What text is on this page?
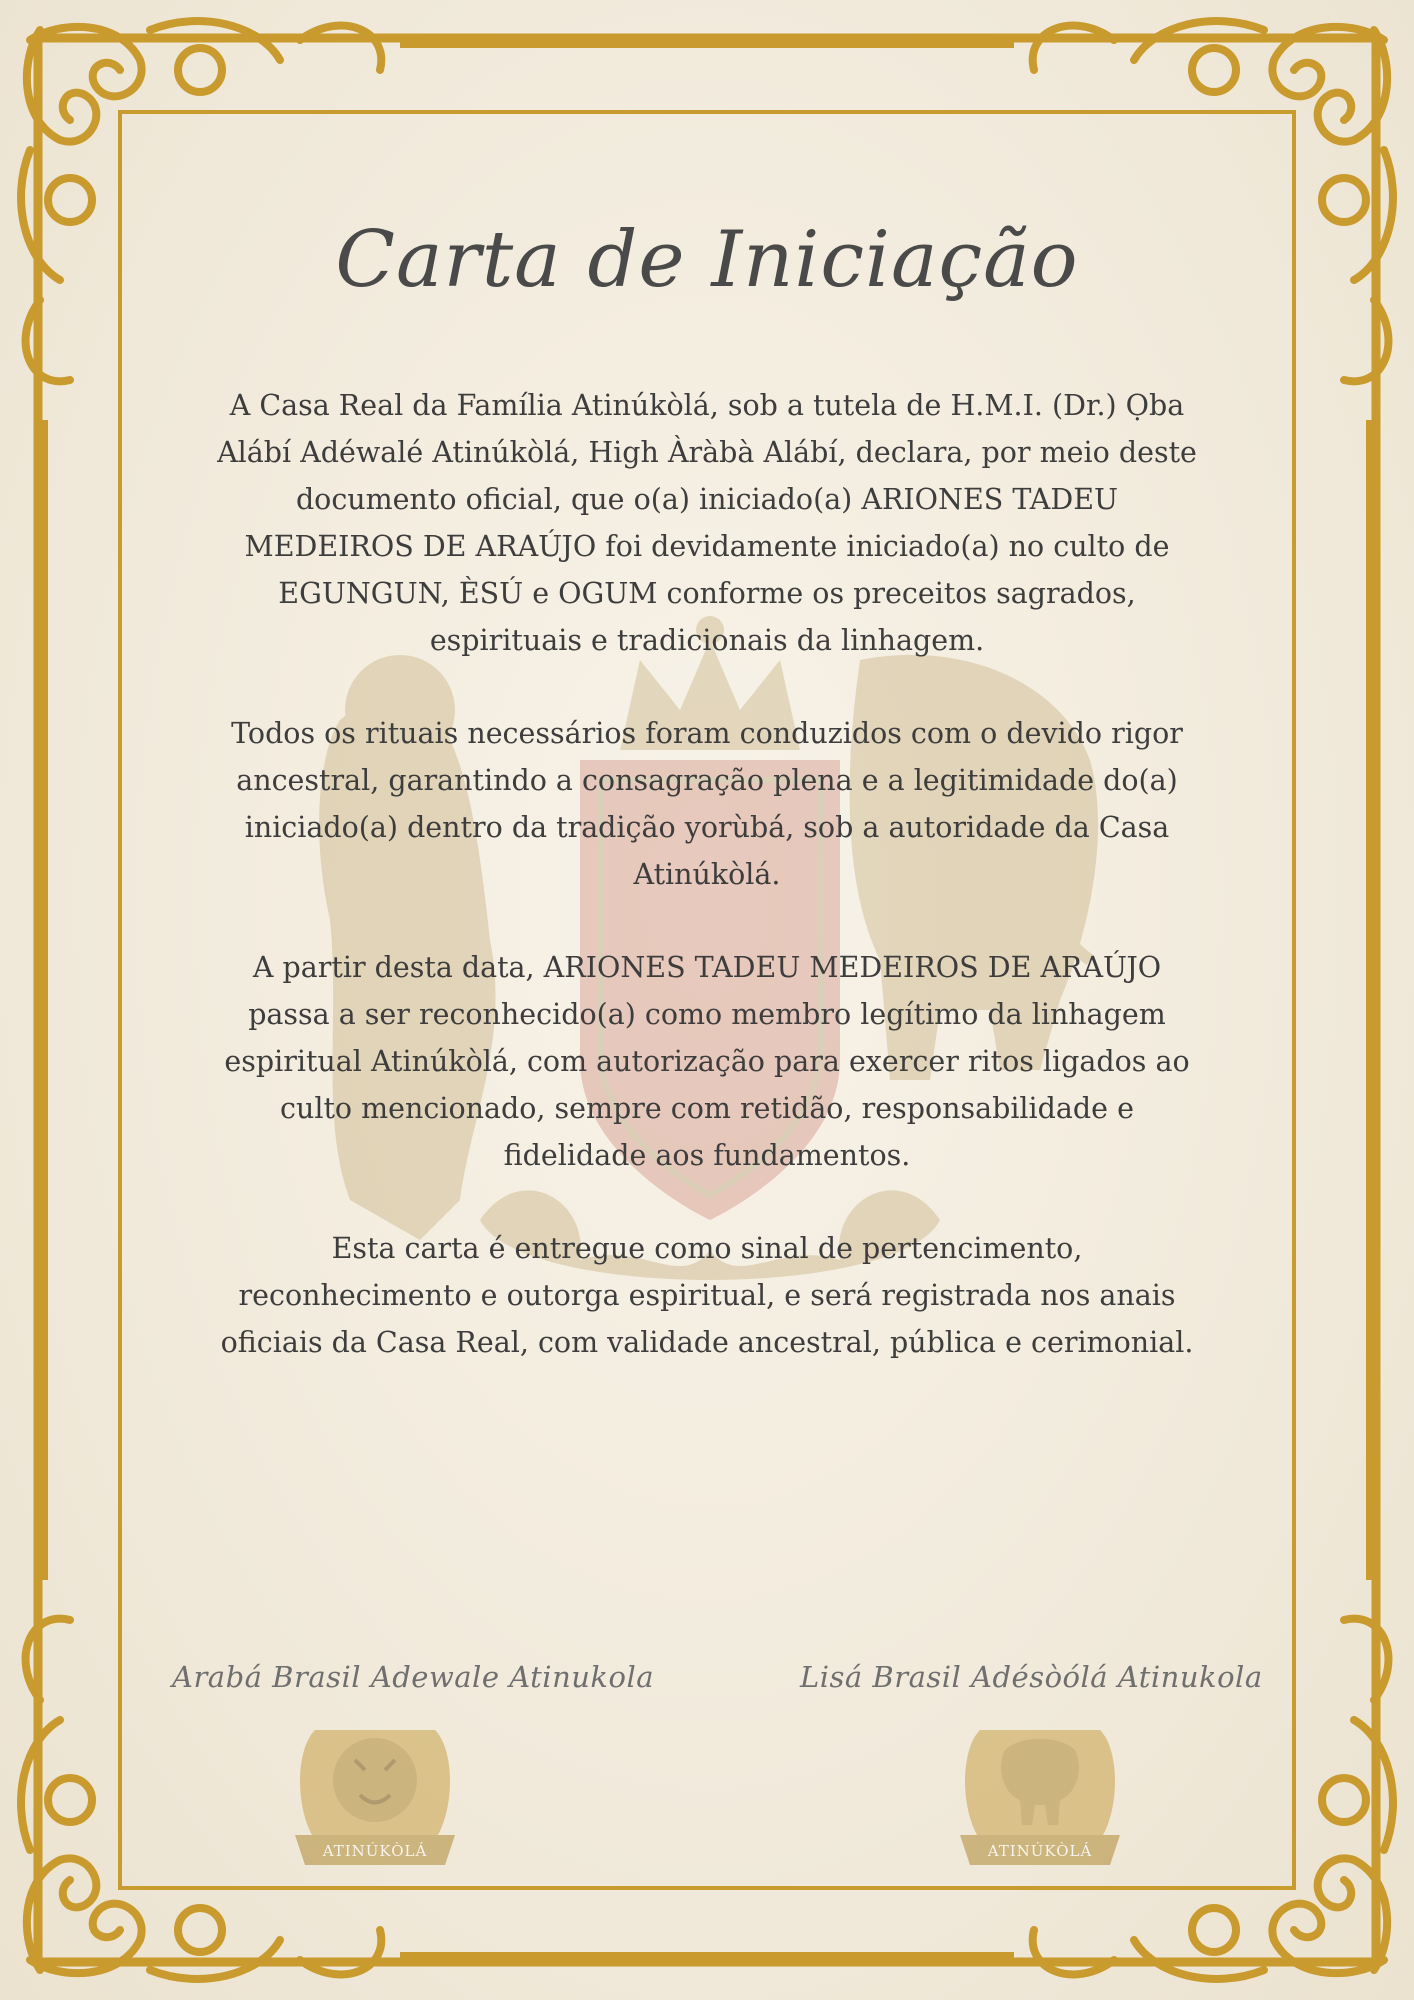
Carta de Iniciação

A Casa Real da Família Atinúkòlá, sob a tutela de H.M.I. (Dr.) Ọba Alábí Adéwalé Atinúkòlá, High Àràbà Alábí, declara, por meio deste documento oficial, que o(a) iniciado(a) ARIONES TADEU MEDEIROS DE ARAÚJO foi devidamente iniciado(a) no culto de EGUNGUN, ÈSÚ e OGUM conforme os preceitos sagrados, espirituais e tradicionais da linhagem.

Todos os rituais necessários foram conduzidos com o devido rigor ancestral, garantindo a consagração plena e a legitimidade do(a) iniciado(a) dentro da tradição yorùbá, sob a autoridade da Casa Atinúkòlá.

A partir desta data, ARIONES TADEU MEDEIROS DE ARAÚJO passa a ser reconhecido(a) como membro legítimo da linhagem espiritual Atinúkòlá, com autorização para exercer ritos ligados ao culto mencionado, sempre com retidão, responsabilidade e fidelidade aos fundamentos.

Esta carta é entregue como sinal de pertencimento, reconhecimento e outorga espiritual, e será registrada nos anais oficiais da Casa Real, com validade ancestral, pública e cerimonial.

Arabá Brasil Adewale Atinukola	Lisá Brasil Adésòólá Atinukola
ATINÚKÒLÁ	ATINÚKÒLÁ
